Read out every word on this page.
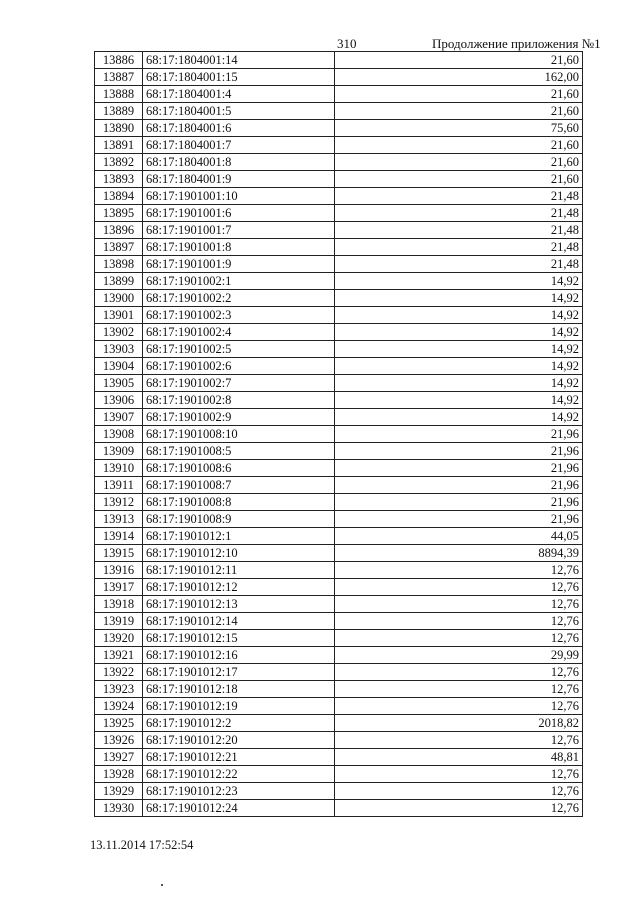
310	Продолжение приложения №1
13886	68:17:1804001:14	21,60
13887	68:17:1804001:15	162,00
13888	68:17:1804001:4	21,60
13889	68:17:1804001:5	21,60
13890	68:17:1804001:6	75,60
13891	68:17:1804001:7	21,60
13892	68:17:1804001:8	21,60
13893	68:17:1804001:9	21,60
13894	68:17:1901001:10	21,48
13895	68:17:1901001:6	21,48
13896	68:17:1901001:7	21,48
13897	68:17:1901001:8	21,48
13898	68:17:1901001:9	21,48
13899	68:17:1901002:1	14,92
13900	68:17:1901002:2	14,92
13901	68:17:1901002:3	14,92
13902	68:17:1901002:4	14,92
13903	68:17:1901002:5	14,92
13904	68:17:1901002:6	14,92
13905	68:17:1901002:7	14,92
13906	68:17:1901002:8	14,92
13907	68:17:1901002:9	14,92
13908	68:17:1901008:10	21,96
13909	68:17:1901008:5	21,96
13910	68:17:1901008:6	21,96
13911	68:17:1901008:7	21,96
13912	68:17:1901008:8	21,96
13913	68:17:1901008:9	21,96
13914	68:17:1901012:1	44,05
13915	68:17:1901012:10	8894,39
13916	68:17:1901012:11	12,76
13917	68:17:1901012:12	12,76
13918	68:17:1901012:13	12,76
13919	68:17:1901012:14	12,76
13920	68:17:1901012:15	12,76
13921	68:17:1901012:16	29,99
13922	68:17:1901012:17	12,76
13923	68:17:1901012:18	12,76
13924	68:17:1901012:19	12,76
13925	68:17:1901012:2	2018,82
13926	68:17:1901012:20	12,76
13927	68:17:1901012:21	48,81
13928	68:17:1901012:22	12,76
13929	68:17:1901012:23	12,76
13930	68:17:1901012:24	12,76
13.11.2014 17:52:54
